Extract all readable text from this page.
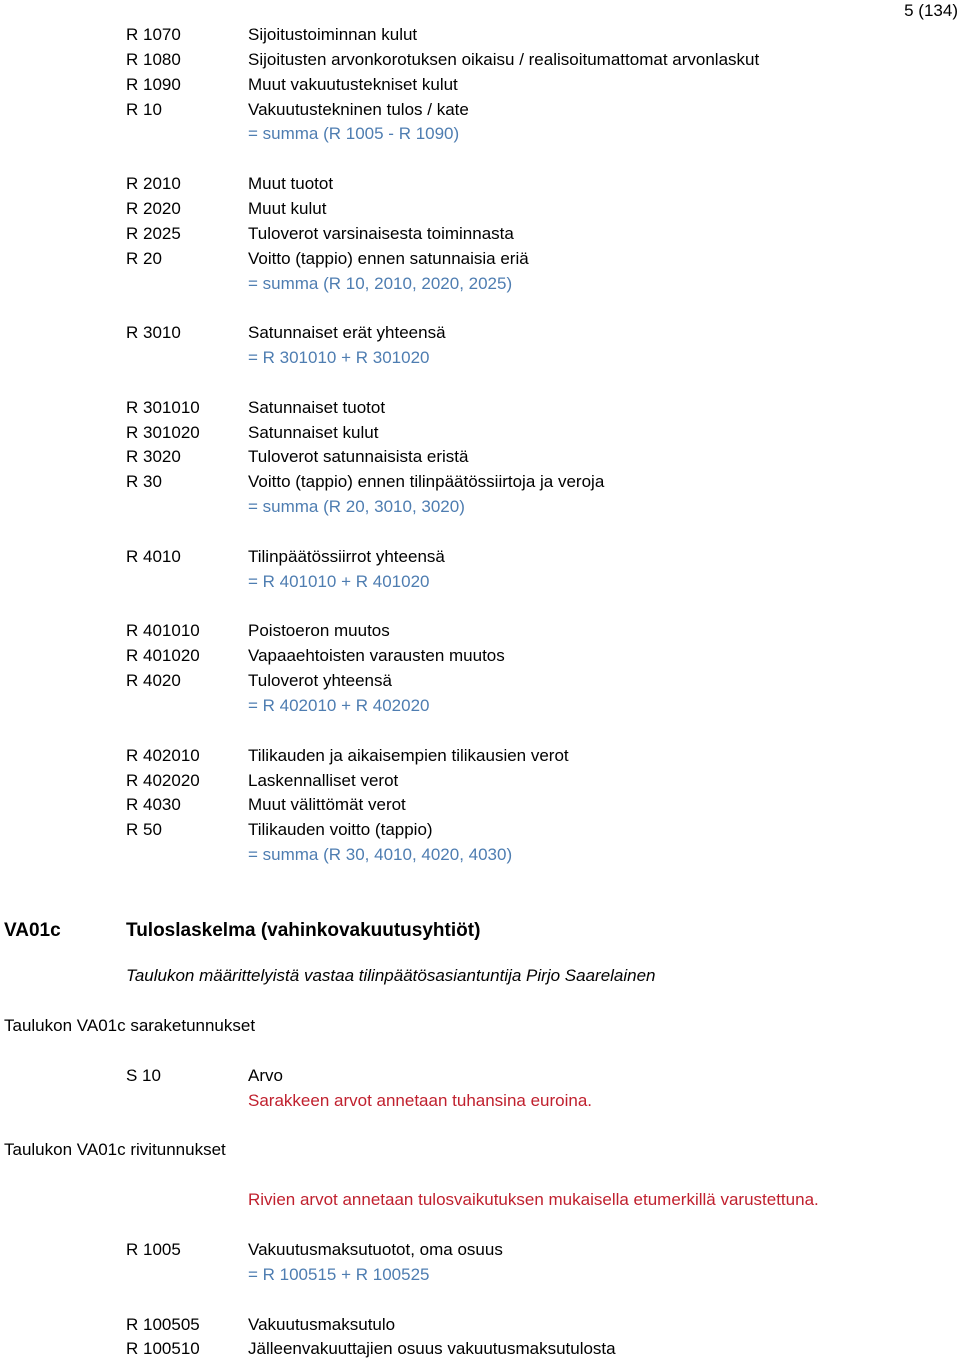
5 (134)
R 1070	Sijoitustoiminnan kulut
R 1080	Sijoitusten arvonkorotuksen oikaisu / realisoitumattomat arvonlaskut
R 1090	Muut vakuutustekniset kulut
R 10	Vakuutustekninen tulos / kate
= summa (R 1005 - R 1090)
R 2010	Muut tuotot
R 2020	Muut kulut
R 2025	Tuloverot varsinaisesta toiminnasta
R 20	Voitto (tappio) ennen satunnaisia eriä
= summa (R 10, 2010, 2020, 2025)
R 3010	Satunnaiset erät yhteensä
= R 301010 + R 301020
R 301010	Satunnaiset tuotot
R 301020	Satunnaiset kulut
R 3020	Tuloverot satunnaisista eristä
R 30	Voitto (tappio) ennen tilinpäätössiirtoja ja veroja
= summa (R 20, 3010, 3020)
R 4010	Tilinpäätössiirrot yhteensä
= R 401010 + R 401020
R 401010	Poistoeron muutos
R 401020	Vapaaehtoisten varausten muutos
R 4020	Tuloverot yhteensä
= R 402010 + R 402020
R 402010	Tilikauden ja aikaisempien tilikausien verot
R 402020	Laskennalliset verot
R 4030	Muut välittömät verot
R 50	Tilikauden voitto (tappio)
= summa (R 30, 4010, 4020, 4030)
VA01c	Tuloslaskelma (vahinkovakuutusyhtiöt)
Taulukon määrittelyistä vastaa tilinpäätösasiantuntija Pirjo Saarelainen
Taulukon VA01c saraketunnukset
S 10	Arvo
Sarakkeen arvot annetaan tuhansina euroina.
Taulukon VA01c rivitunnukset
Rivien arvot annetaan tulosvaikutuksen mukaisella etumerkillä varustettuna.
R 1005	Vakuutusmaksutuotot, oma osuus
= R 100515 + R 100525
R 100505	Vakuutusmaksutulo
R 100510	Jälleenvakuuttajien osuus vakuutusmaksutulosta
